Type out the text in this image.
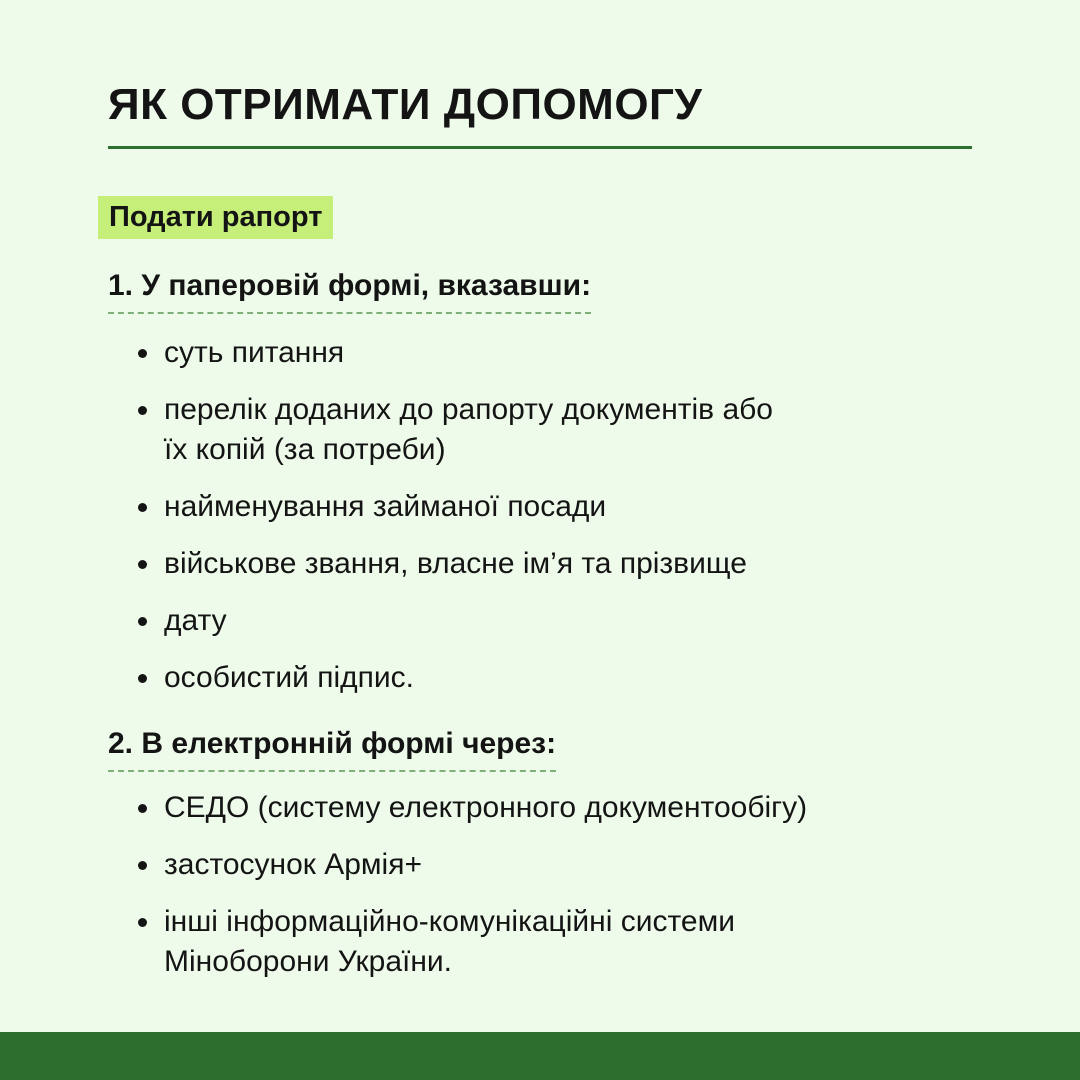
ЯК ОТРИМАТИ ДОПОМОГУ
Подати рапорт
1. У паперовій формі, вказавши:
суть питання
перелік доданих до рапорту документів або
їх копій (за потреби)
найменування займаної посади
військове звання, власне ім’я та прізвище
дату
особистий підпис.
2. В електронній формі через:
СЕДО (систему електронного документообігу)
застосунок Армія+
інші інформаційно-комунікаційні системи
Міноборони України.
